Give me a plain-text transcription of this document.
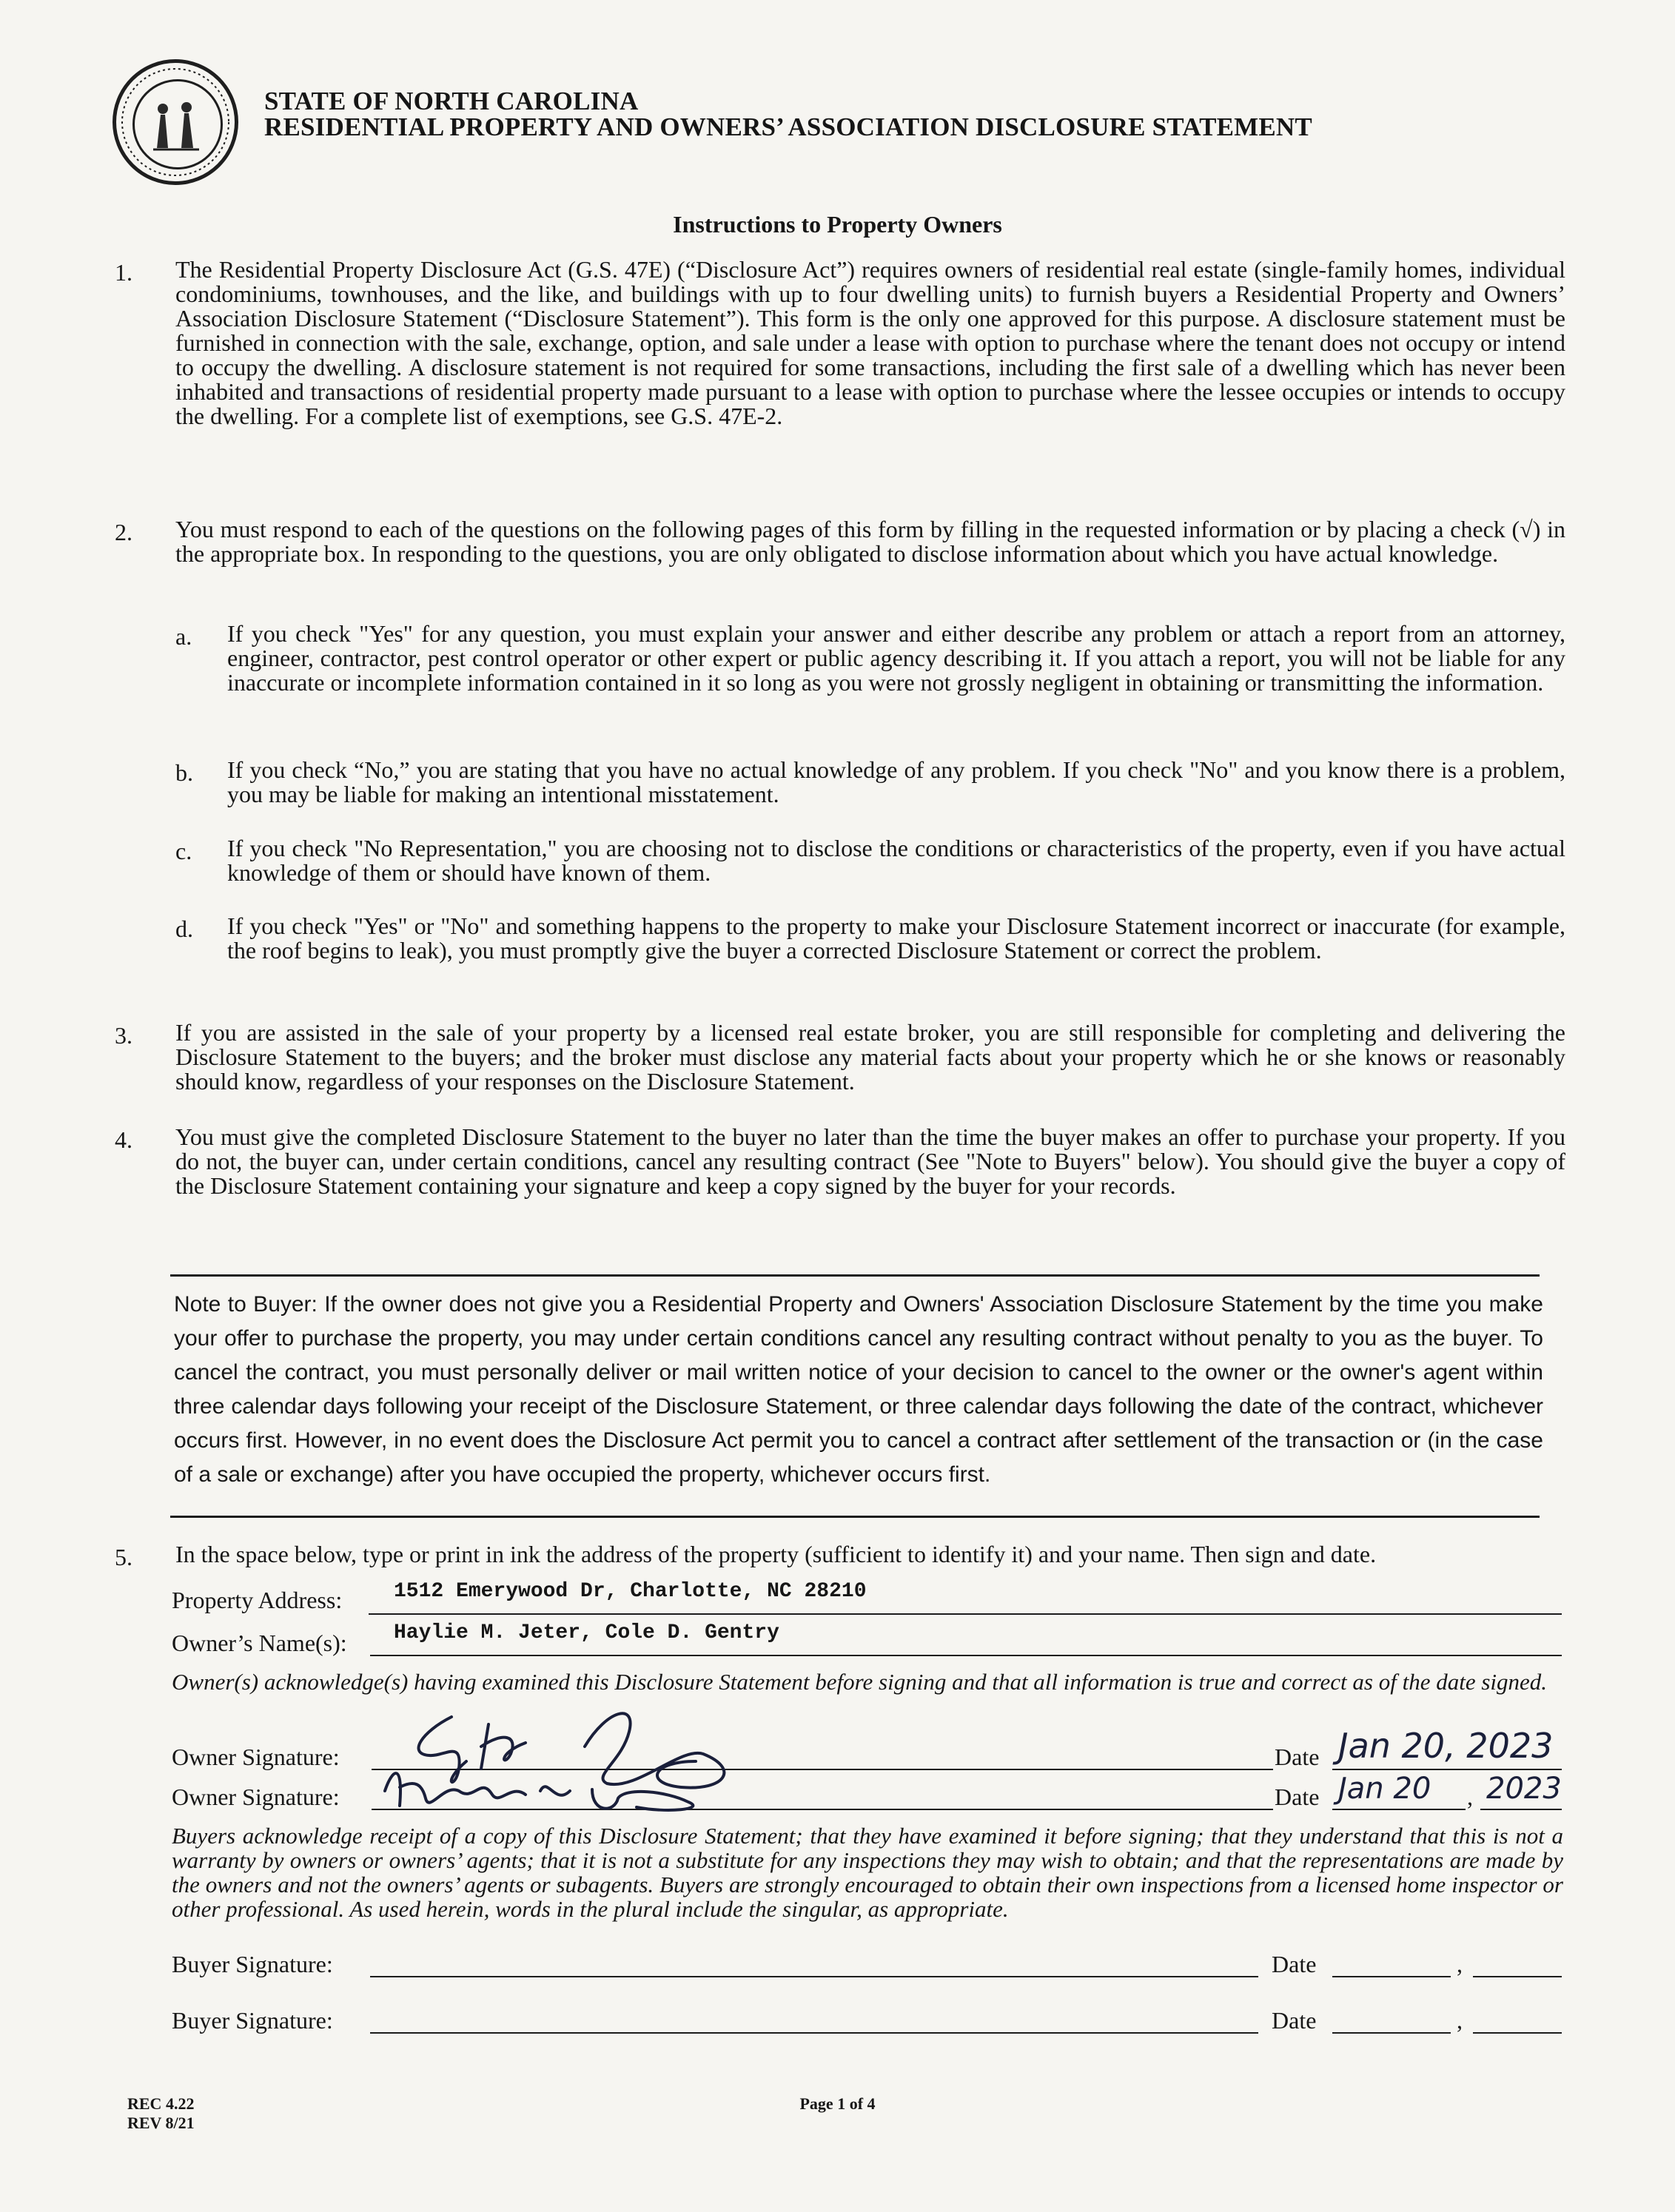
STATE OF NORTH CAROLINA
RESIDENTIAL PROPERTY AND OWNERS’ ASSOCIATION DISCLOSURE STATEMENT
Instructions to Property Owners
1. The Residential Property Disclosure Act (G.S. 47E) (“Disclosure Act”) requires owners of residential real estate (single-family homes, individual condominiums, townhouses, and the like, and buildings with up to four dwelling units) to furnish buyers a Residential Property and Owners’ Association Disclosure Statement (“Disclosure Statement”). This form is the only one approved for this purpose. A disclosure statement must be furnished in connection with the sale, exchange, option, and sale under a lease with option to purchase where the tenant does not occupy or intend to occupy the dwelling. A disclosure statement is not required for some transactions, including the first sale of a dwelling which has never been inhabited and transactions of residential property made pursuant to a lease with option to purchase where the lessee occupies or intends to occupy the dwelling. For a complete list of exemptions, see G.S. 47E-2.
2. You must respond to each of the questions on the following pages of this form by filling in the requested information or by placing a check (√) in the appropriate box. In responding to the questions, you are only obligated to disclose information about which you have actual knowledge.
a. If you check "Yes" for any question, you must explain your answer and either describe any problem or attach a report from an attorney, engineer, contractor, pest control operator or other expert or public agency describing it. If you attach a report, you will not be liable for any inaccurate or incomplete information contained in it so long as you were not grossly negligent in obtaining or transmitting the information.
b. If you check “No,” you are stating that you have no actual knowledge of any problem. If you check "No" and you know there is a problem, you may be liable for making an intentional misstatement.
c. If you check "No Representation," you are choosing not to disclose the conditions or characteristics of the property, even if you have actual knowledge of them or should have known of them.
d. If you check "Yes" or "No" and something happens to the property to make your Disclosure Statement incorrect or inaccurate (for example, the roof begins to leak), you must promptly give the buyer a corrected Disclosure Statement or correct the problem.
3. If you are assisted in the sale of your property by a licensed real estate broker, you are still responsible for completing and delivering the Disclosure Statement to the buyers; and the broker must disclose any material facts about your property which he or she knows or reasonably should know, regardless of your responses on the Disclosure Statement.
4. You must give the completed Disclosure Statement to the buyer no later than the time the buyer makes an offer to purchase your property. If you do not, the buyer can, under certain conditions, cancel any resulting contract (See "Note to Buyers" below). You should give the buyer a copy of the Disclosure Statement containing your signature and keep a copy signed by the buyer for your records.
Note to Buyer: If the owner does not give you a Residential Property and Owners' Association Disclosure Statement by the time you make your offer to purchase the property, you may under certain conditions cancel any resulting contract without penalty to you as the buyer. To cancel the contract, you must personally deliver or mail written notice of your decision to cancel to the owner or the owner's agent within three calendar days following your receipt of the Disclosure Statement, or three calendar days following the date of the contract, whichever occurs first. However, in no event does the Disclosure Act permit you to cancel a contract after settlement of the transaction or (in the case of a sale or exchange) after you have occupied the property, whichever occurs first.
5. In the space below, type or print in ink the address of the property (sufficient to identify it) and your name. Then sign and date.
Property Address: 1512 Emerywood Dr, Charlotte, NC 28210
Owner’s Name(s): Haylie M. Jeter, Cole D. Gentry
Owner(s) acknowledge(s) having examined this Disclosure Statement before signing and that all information is true and correct as of the date signed.
Owner Signature:	Date Jan 20, 2023
Owner Signature:	Date Jan 20 , 2023
Buyers acknowledge receipt of a copy of this Disclosure Statement; that they have examined it before signing; that they understand that this is not a warranty by owners or owners’ agents; that it is not a substitute for any inspections they may wish to obtain; and that the representations are made by the owners and not the owners’ agents or subagents. Buyers are strongly encouraged to obtain their own inspections from a licensed home inspector or other professional. As used herein, words in the plural include the singular, as appropriate.
Buyer Signature:	Date	,
Buyer Signature:	Date	,
REC 4.22
REV 8/21
Page 1 of 4
